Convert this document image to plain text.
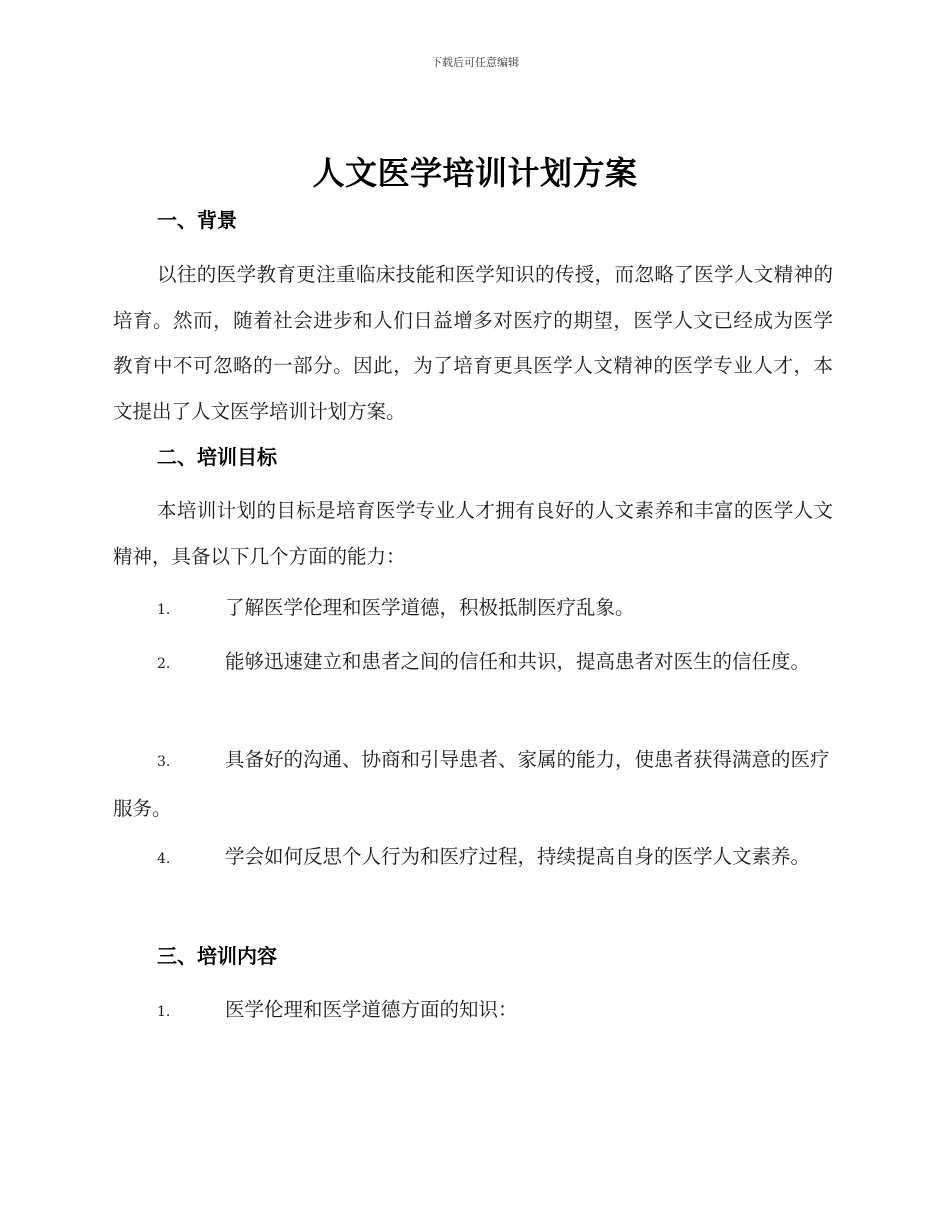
下载后可任意编辑
人文医学培训计划方案
一、背景

以往的医学教育更注重临床技能和医学知识的传授，而忽略了医学人文精神的培育。然而，随着社会进步和人们日益增多对医疗的期望，医学人文已经成为医学教育中不可忽略的一部分。因此，为了培育更具医学人文精神的医学专业人才，本文提出了人文医学培训计划方案。

二、培训目标

本培训计划的目标是培育医学专业人才拥有良好的人文素养和丰富的医学人文精神，具备以下几个方面的能力：

1.	了解医学伦理和医学道德，积极抵制医疗乱象。

2.	能够迅速建立和患者之间的信任和共识，提高患者对医生的信任度。

3.	具备好的沟通、协商和引导患者、家属的能力，使患者获得满意的医疗服务。

4.	学会如何反思个人行为和医疗过程，持续提高自身的医学人文素养。

三、培训内容

1.	医学伦理和医学道德方面的知识：
